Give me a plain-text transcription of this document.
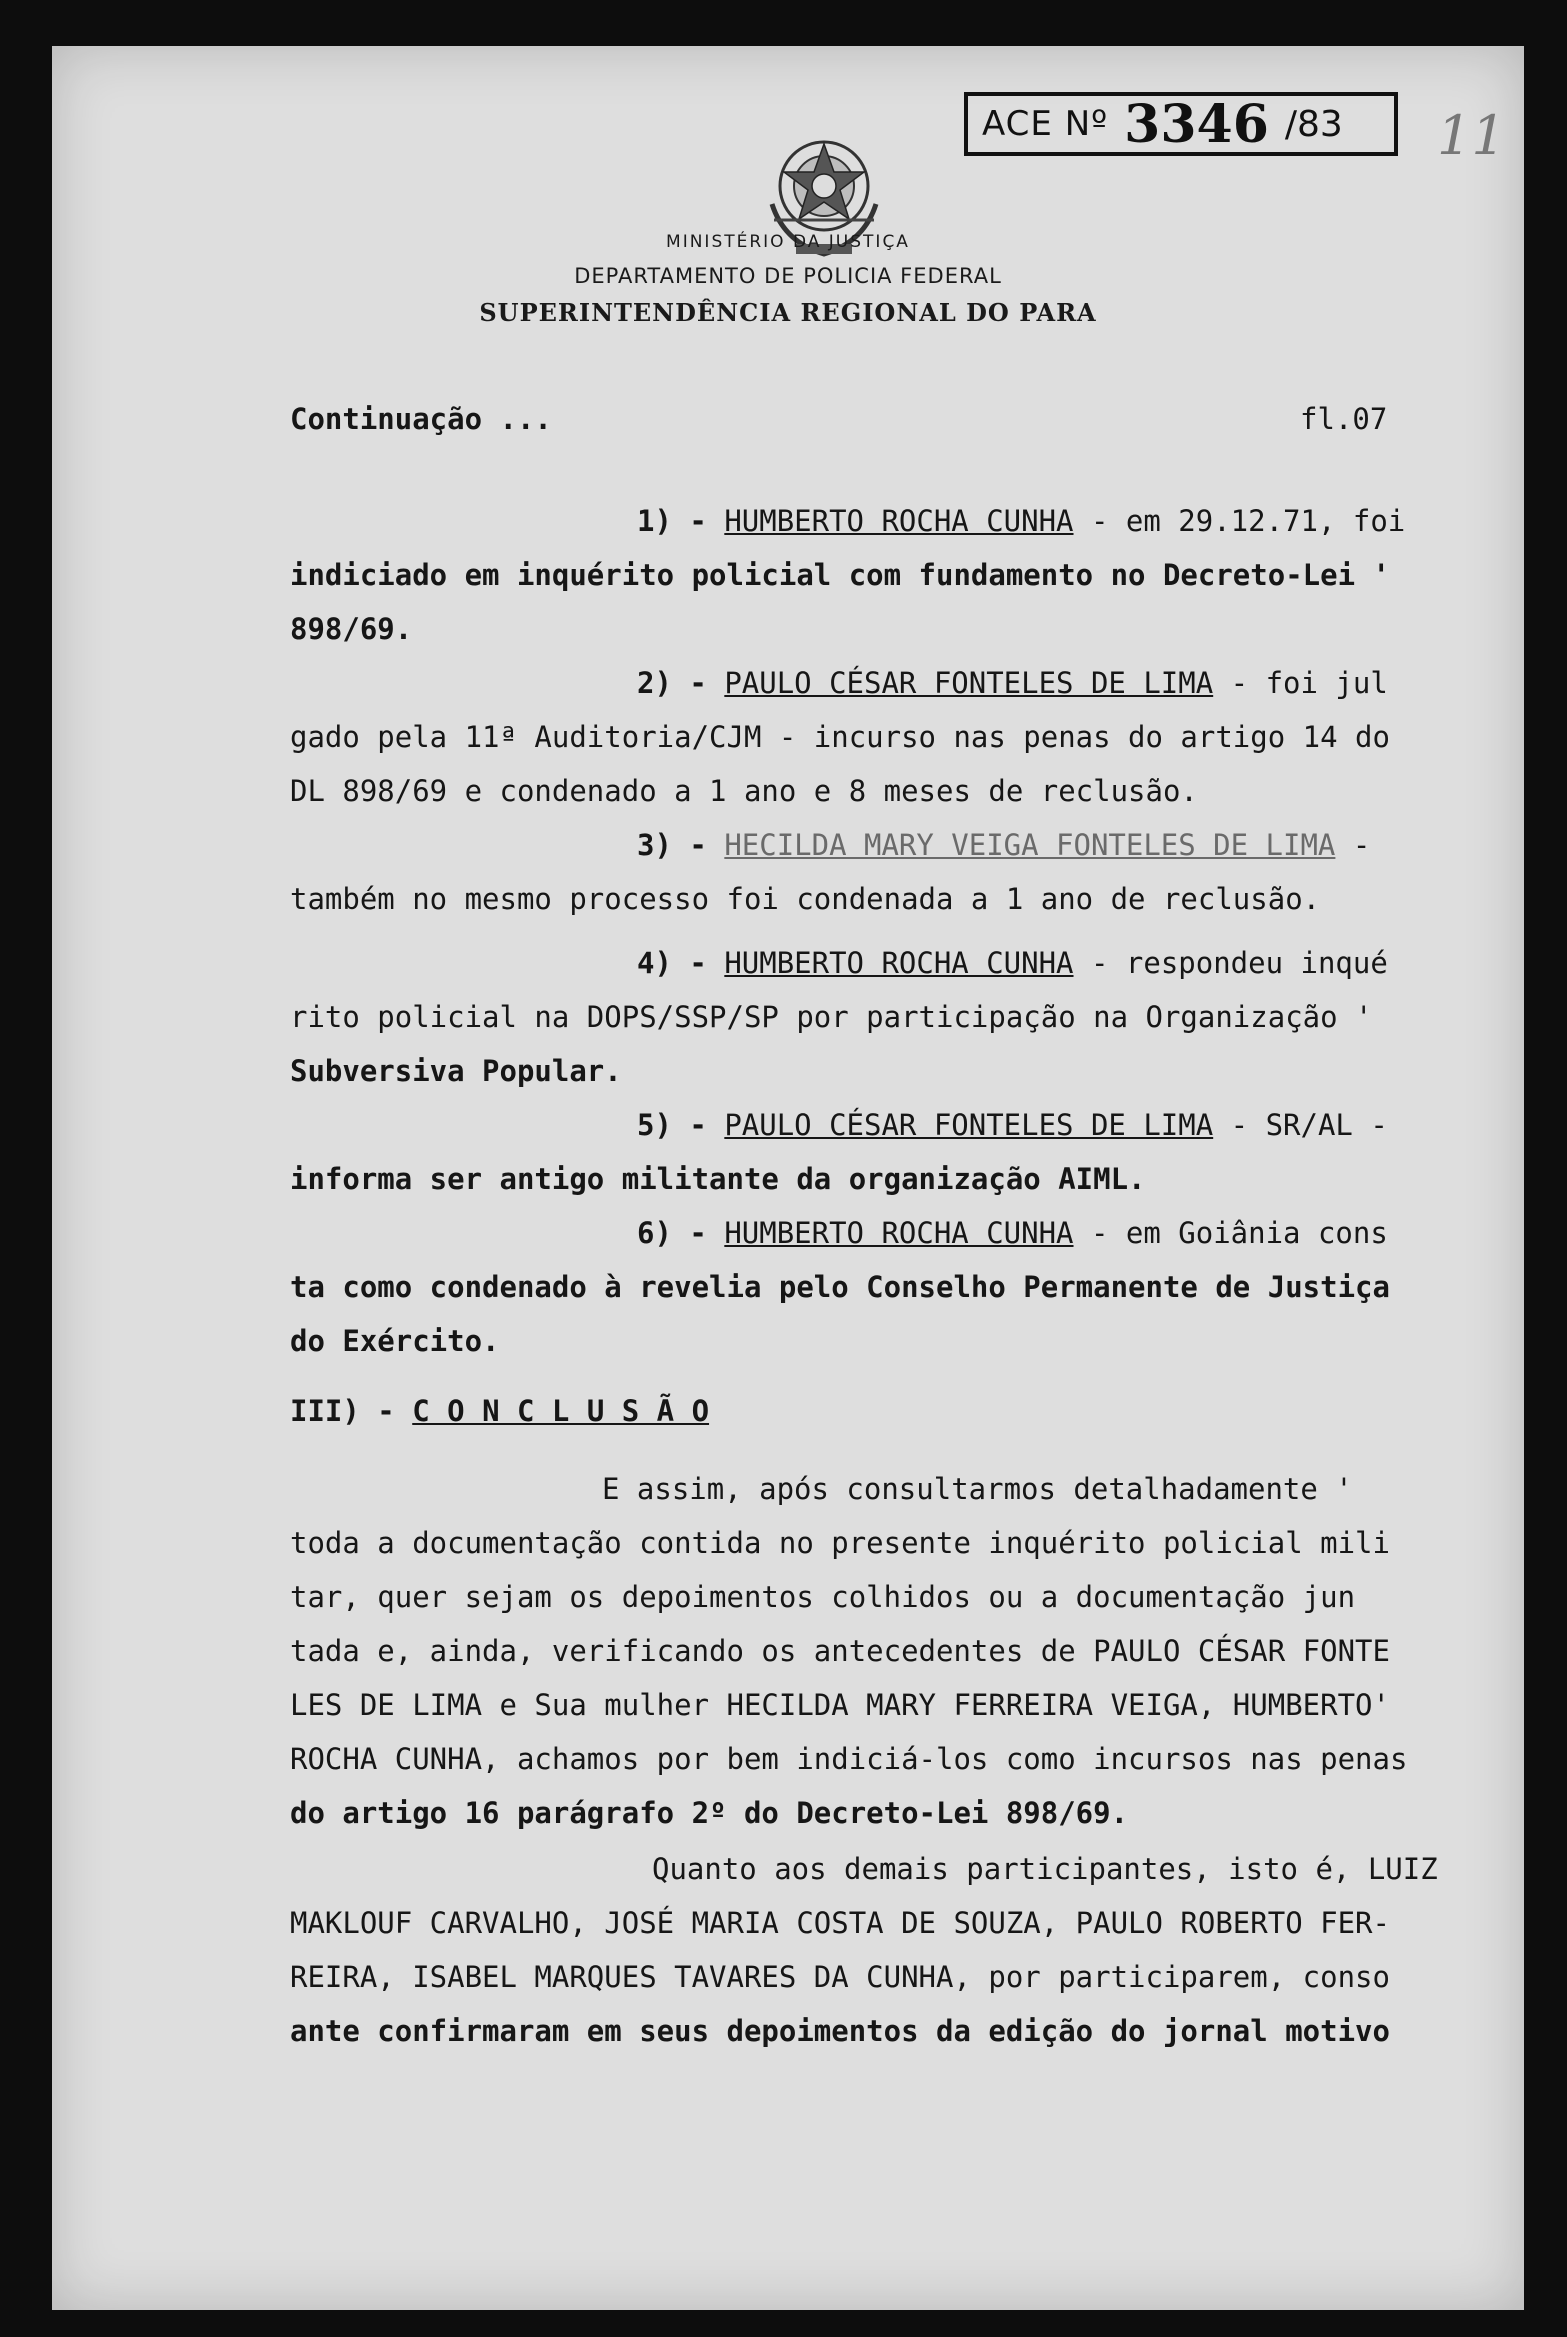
ACE Nº 3346 /83 11
MINISTÉRIO DA JUSTIÇA
DEPARTAMENTO DE POLICIA FEDERAL
SUPERINTENDÊNCIA REGIONAL DO PARA
Continuação ...	fl.07
1) - HUMBERTO ROCHA CUNHA - em 29.12.71, foi
indiciado em inquérito policial com fundamento no Decreto-Lei '
898/69.
2) - PAULO CÉSAR FONTELES DE LIMA - foi jul
gado pela 11ª Auditoria/CJM - incurso nas penas do artigo 14 do
DL 898/69 e condenado a 1 ano e 8 meses de reclusão.
3) - HECILDA MARY VEIGA FONTELES DE LIMA -
também no mesmo processo foi condenada a 1 ano de reclusão.
4) - HUMBERTO ROCHA CUNHA - respondeu inqué
rito policial na DOPS/SSP/SP por participação na Organização '
Subversiva Popular.
5) - PAULO CÉSAR FONTELES DE LIMA - SR/AL -
informa ser antigo militante da organização AIML.
6) - HUMBERTO ROCHA CUNHA - em Goiânia cons
ta como condenado à revelia pelo Conselho Permanente de Justiça
do Exército.
III) - C O N C L U S Ã O
E assim, após consultarmos detalhadamente '
toda a documentação contida no presente inquérito policial mili
tar, quer sejam os depoimentos colhidos ou a documentação jun
tada e, ainda, verificando os antecedentes de PAULO CÉSAR FONTE
LES DE LIMA e Sua mulher HECILDA MARY FERREIRA VEIGA, HUMBERTO'
ROCHA CUNHA, achamos por bem indiciá-los como incursos nas penas
do artigo 16 parágrafo 2º do Decreto-Lei 898/69.
Quanto aos demais participantes, isto é, LUIZ
MAKLOUF CARVALHO, JOSÉ MARIA COSTA DE SOUZA, PAULO ROBERTO FER-
REIRA, ISABEL MARQUES TAVARES DA CUNHA, por participarem, conso
ante confirmaram em seus depoimentos da edição do jornal motivo
